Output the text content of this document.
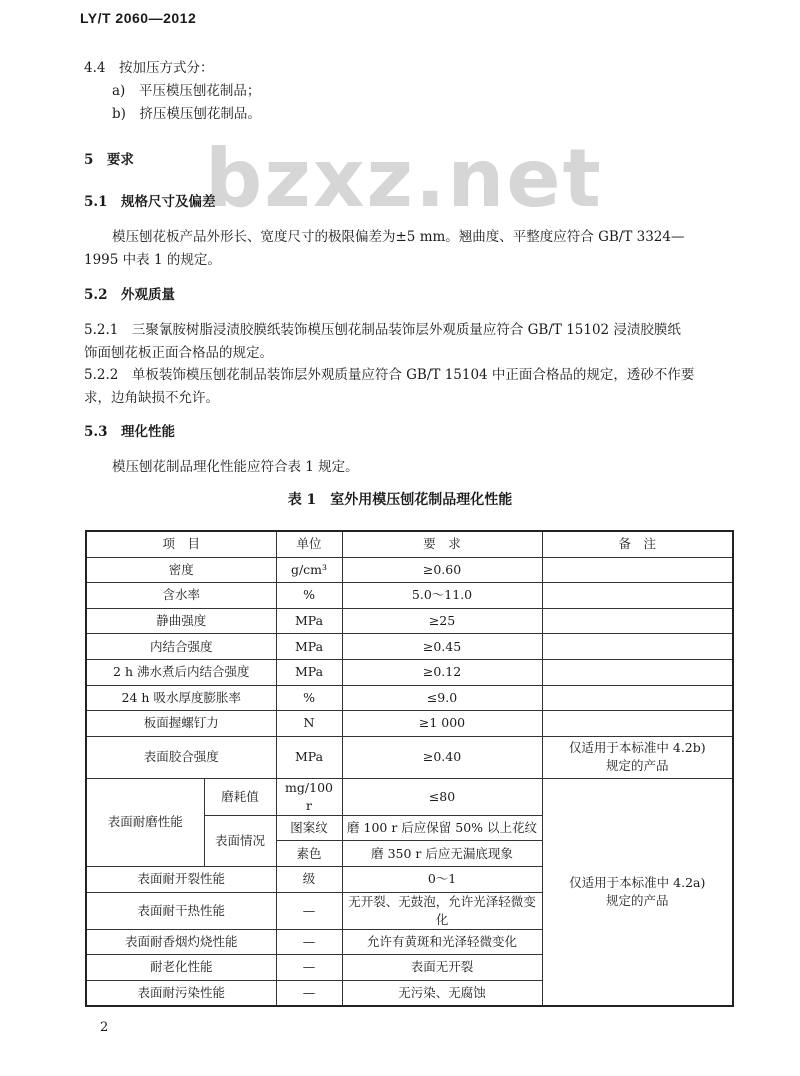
LY/T 2060—2012
bzxz.net
4.4　按加压方式分：
a)　平压模压刨花制品；
b)　挤压模压刨花制品。
5　要求
5.1　规格尺寸及偏差
模压刨花板产品外形长、宽度尺寸的极限偏差为±5 mm。翘曲度、平整度应符合 GB/T 3324—
1995 中表 1 的规定。
5.2　外观质量
5.2.1　三聚氰胺树脂浸渍胶膜纸装饰模压刨花制品装饰层外观质量应符合 GB/T 15102 浸渍胶膜纸
饰面刨花板正面合格品的规定。
5.2.2　单板装饰模压刨花制品装饰层外观质量应符合 GB/T 15104 中正面合格品的规定，透砂不作要
求，边角缺损不允许。
5.3　理化性能
模压刨花制品理化性能应符合表 1 规定。
表 1　室外用模压刨花制品理化性能
项　目		单位	要　求	备　注
密度		g/cm³	≥0.60	
含水率		%	5.0～11.0	
静曲强度		MPa	≥25	
内结合强度		MPa	≥0.45	
2 h 沸水煮后内结合强度		MPa	≥0.12	
24 h 吸水厚度膨胀率		%	≤9.0	
板面握螺钉力		N	≥1 000	
表面胶合强度		MPa	≥0.40	仅适用于本标准中 4.2b)
规定的产品
表面耐磨性能	磨耗值	mg/100 r	≤80	仅适用于本标准中 4.2a)
规定的产品
	表面情况	图案纹	磨 100 r 后应保留 50% 以上花纹	
		素色	磨 350 r 后应无漏底现象	
表面耐开裂性能		级	0～1	
表面耐干热性能		—	无开裂、无鼓泡，允许光泽轻微变化	
表面耐香烟灼烧性能		—	允许有黄斑和光泽轻微变化	
耐老化性能		—	表面无开裂	
表面耐污染性能		—	无污染、无腐蚀	
2
